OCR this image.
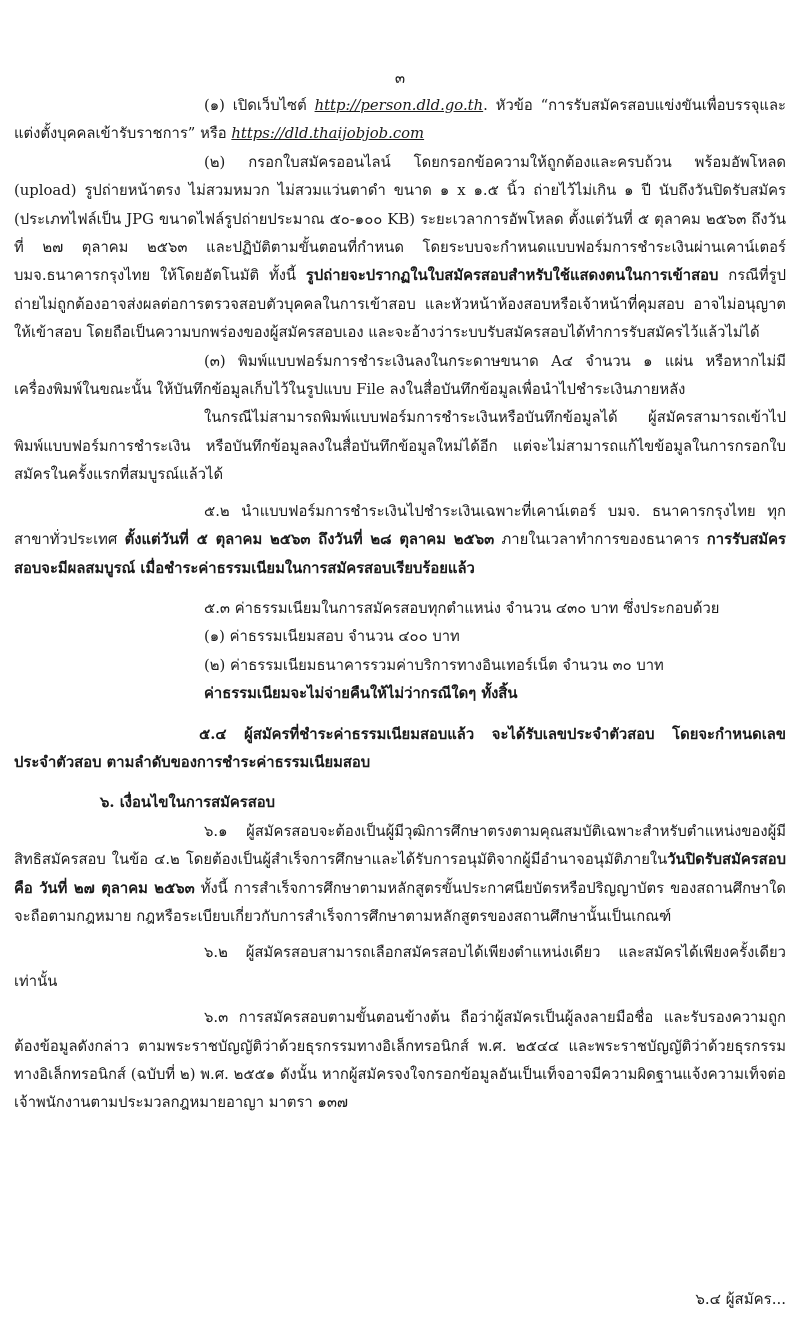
๓

(๑) เปิดเว็บไซต์ http://person.dld.go.th. หัวข้อ “การรับสมัครสอบแข่งขันเพื่อบรรจุและแต่งตั้งบุคคลเข้ารับราชการ” หรือ https://dld.thaijobjob.com

(๒) กรอกใบสมัครออนไลน์ โดยกรอกข้อความให้ถูกต้องและครบถ้วน พร้อมอัพโหลด (upload) รูปถ่ายหน้าตรง ไม่สวมหมวก ไม่สวมแว่นตาดำ ขนาด ๑ x ๑.๕ นิ้ว ถ่ายไว้ไม่เกิน ๑ ปี นับถึงวันปิดรับสมัคร (ประเภทไฟล์เป็น JPG ขนาดไฟล์รูปถ่ายประมาณ ๕๐-๑๐๐ KB) ระยะเวลาการอัพโหลด ตั้งแต่วันที่ ๕ ตุลาคม ๒๕๖๓ ถึงวันที่ ๒๗ ตุลาคม ๒๕๖๓ และปฏิบัติตามขั้นตอนที่กำหนด โดยระบบจะกำหนดแบบฟอร์มการชำระเงินผ่านเคาน์เตอร์ บมจ.ธนาคารกรุงไทย ให้โดยอัตโนมัติ ทั้งนี้ รูปถ่ายจะปรากฏในใบสมัครสอบสำหรับใช้แสดงตนในการเข้าสอบ กรณีที่รูปถ่ายไม่ถูกต้องอาจส่งผลต่อการตรวจสอบตัวบุคคลในการเข้าสอบ และหัวหน้าห้องสอบหรือเจ้าหน้าที่คุมสอบ อาจไม่อนุญาตให้เข้าสอบ โดยถือเป็นความบกพร่องของผู้สมัครสอบเอง และจะอ้างว่าระบบรับสมัครสอบได้ทำการรับสมัครไว้แล้วไม่ได้

(๓) พิมพ์แบบฟอร์มการชำระเงินลงในกระดาษขนาด A๔ จำนวน ๑ แผ่น หรือหากไม่มีเครื่องพิมพ์ในขณะนั้น ให้บันทึกข้อมูลเก็บไว้ในรูปแบบ File ลงในสื่อบันทึกข้อมูลเพื่อนำไปชำระเงินภายหลัง

ในกรณีไม่สามารถพิมพ์แบบฟอร์มการชำระเงินหรือบันทึกข้อมูลได้ ผู้สมัครสามารถเข้าไปพิมพ์แบบฟอร์มการชำระเงิน หรือบันทึกข้อมูลลงในสื่อบันทึกข้อมูลใหม่ได้อีก แต่จะไม่สามารถแก้ไขข้อมูลในการกรอกใบสมัครในครั้งแรกที่สมบูรณ์แล้วได้

๕.๒ นำแบบฟอร์มการชำระเงินไปชำระเงินเฉพาะที่เคาน์เตอร์ บมจ. ธนาคารกรุงไทย ทุกสาขาทั่วประเทศ ตั้งแต่วันที่ ๕ ตุลาคม ๒๕๖๓ ถึงวันที่ ๒๘ ตุลาคม ๒๕๖๓ ภายในเวลาทำการของธนาคาร การรับสมัครสอบจะมีผลสมบูรณ์ เมื่อชำระค่าธรรมเนียมในการสมัครสอบเรียบร้อยแล้ว

๕.๓ ค่าธรรมเนียมในการสมัครสอบทุกตำแหน่ง จำนวน ๔๓๐ บาท ซึ่งประกอบด้วย

(๑) ค่าธรรมเนียมสอบ จำนวน ๔๐๐ บาท

(๒) ค่าธรรมเนียมธนาคารรวมค่าบริการทางอินเทอร์เน็ต จำนวน ๓๐ บาท

ค่าธรรมเนียมจะไม่จ่ายคืนให้ไม่ว่ากรณีใดๆ ทั้งสิ้น

๕.๔ ผู้สมัครที่ชำระค่าธรรมเนียมสอบแล้ว จะได้รับเลขประจำตัวสอบ โดยจะกำหนดเลขประจำตัวสอบ ตามลำดับของการชำระค่าธรรมเนียมสอบ

๖. เงื่อนไขในการสมัครสอบ

๖.๑ ผู้สมัครสอบจะต้องเป็นผู้มีวุฒิการศึกษาตรงตามคุณสมบัติเฉพาะสำหรับตำแหน่งของผู้มีสิทธิสมัครสอบ ในข้อ ๔.๒ โดยต้องเป็นผู้สำเร็จการศึกษาและได้รับการอนุมัติจากผู้มีอำนาจอนุมัติภายในวันปิดรับสมัครสอบ คือ วันที่ ๒๗ ตุลาคม ๒๕๖๓ ทั้งนี้ การสำเร็จการศึกษาตามหลักสูตรขั้นประกาศนียบัตรหรือปริญญาบัตร ของสถานศึกษาใด จะถือตามกฎหมาย กฎหรือระเบียบเกี่ยวกับการสำเร็จการศึกษาตามหลักสูตรของสถานศึกษานั้นเป็นเกณฑ์

๖.๒ ผู้สมัครสอบสามารถเลือกสมัครสอบได้เพียงตำแหน่งเดียว และสมัครได้เพียงครั้งเดียวเท่านั้น

๖.๓ การสมัครสอบตามขั้นตอนข้างต้น ถือว่าผู้สมัครเป็นผู้ลงลายมือชื่อ และรับรองความถูกต้องข้อมูลดังกล่าว ตามพระราชบัญญัติว่าด้วยธุรกรรมทางอิเล็กทรอนิกส์ พ.ศ. ๒๕๔๔ และพระราชบัญญัติว่าด้วยธุรกรรมทางอิเล็กทรอนิกส์ (ฉบับที่ ๒) พ.ศ. ๒๕๕๑ ดังนั้น หากผู้สมัครจงใจกรอกข้อมูลอันเป็นเท็จอาจมีความผิดฐานแจ้งความเท็จต่อเจ้าพนักงานตามประมวลกฎหมายอาญา มาตรา ๑๓๗

๖.๔ ผู้สมัคร...
